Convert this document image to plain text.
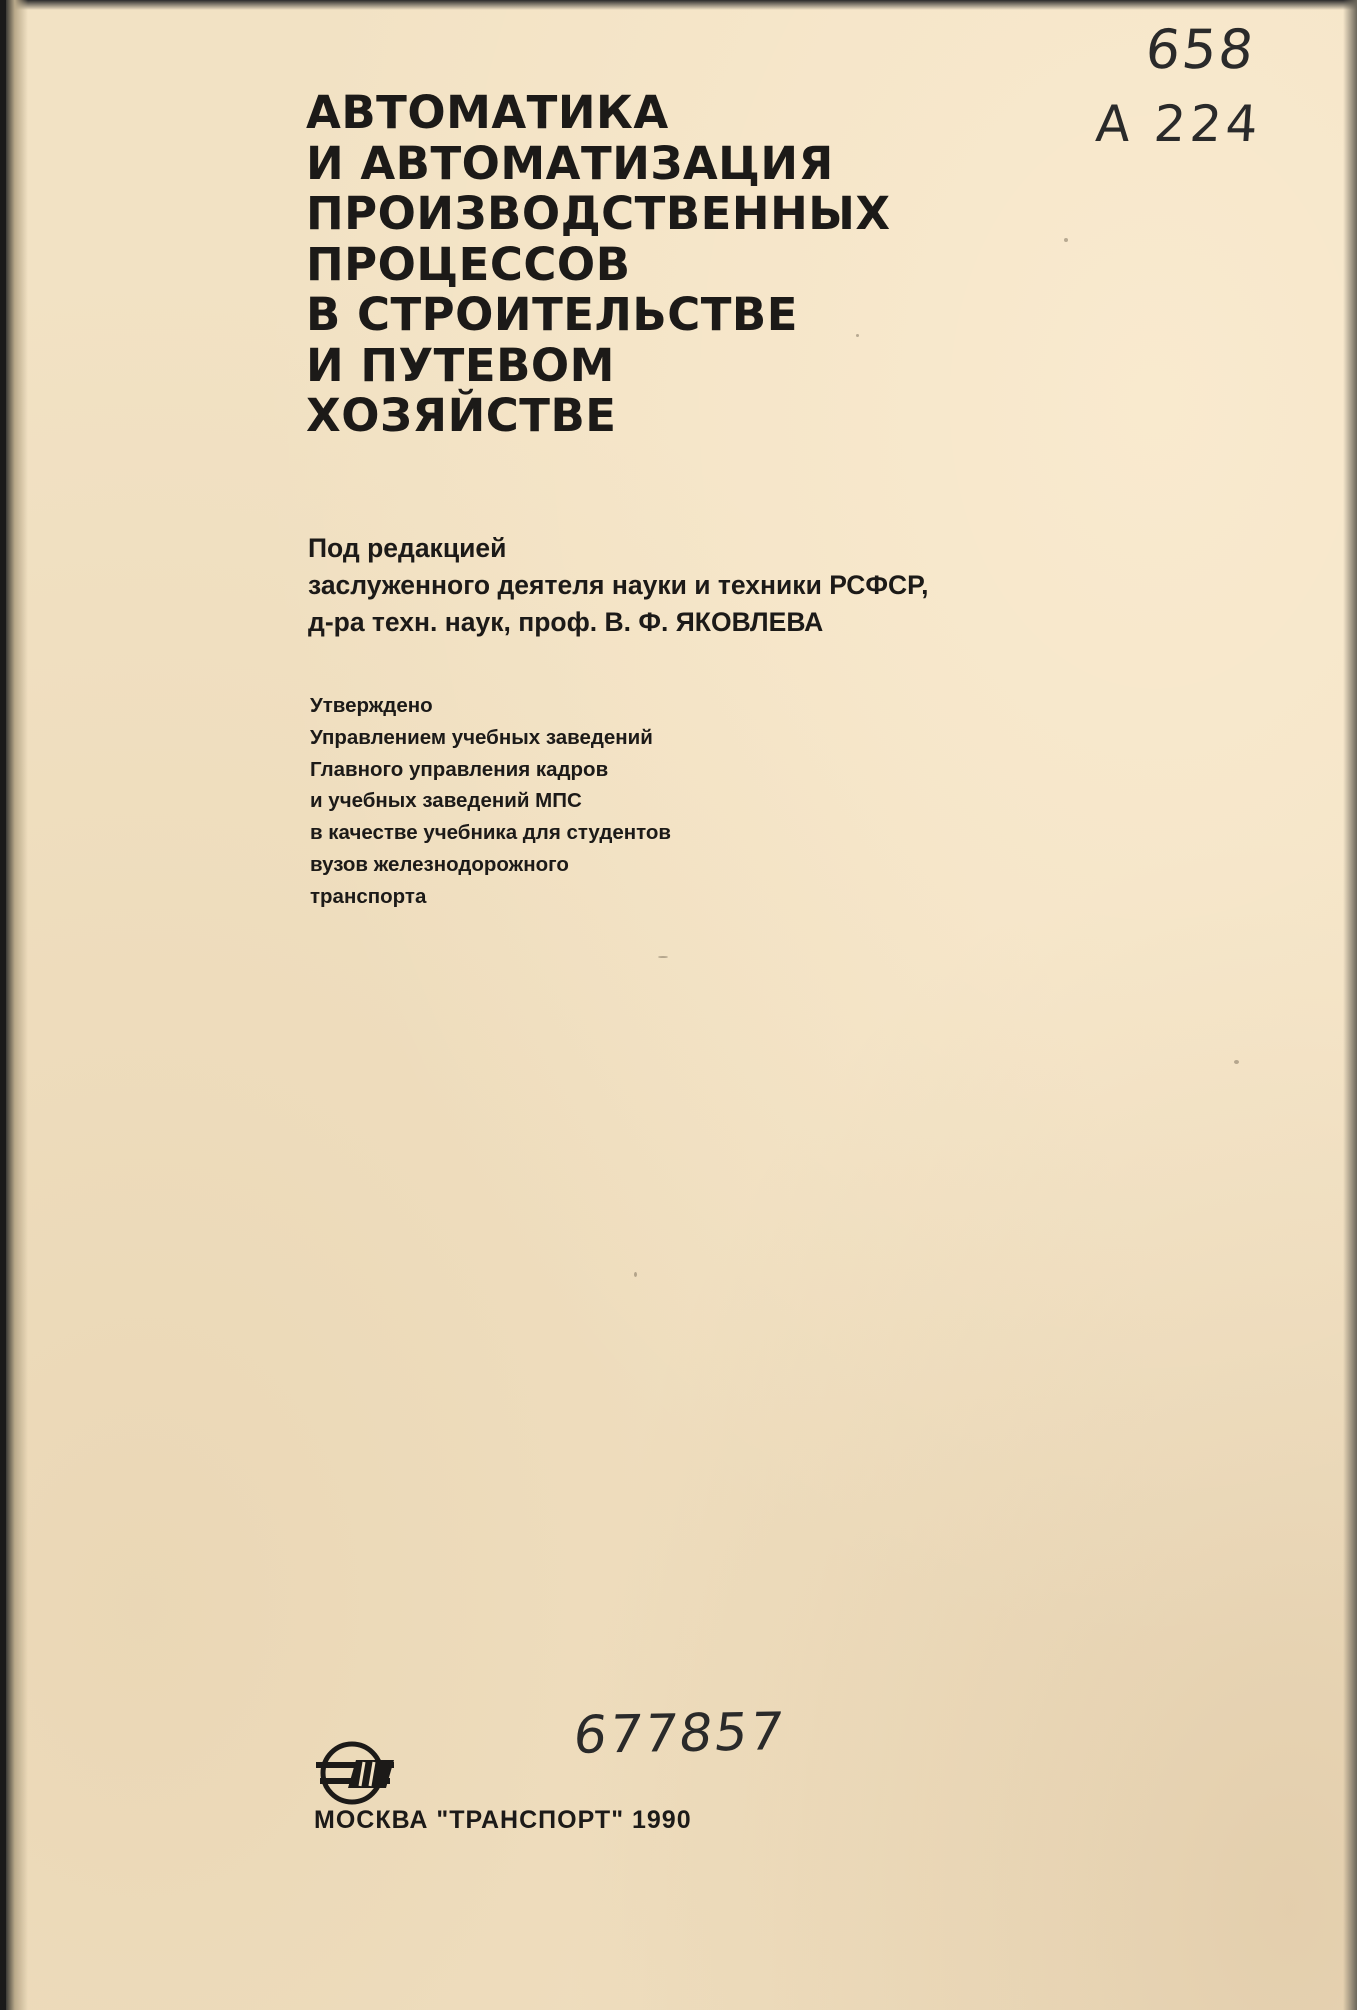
658
А 224
АВТОМАТИКА
И АВТОМАТИЗАЦИЯ
ПРОИЗВОДСТВЕННЫХ
ПРОЦЕССОВ
В СТРОИТЕЛЬСТВЕ
И ПУТЕВОМ
ХОЗЯЙСТВЕ
Под редакцией
заслуженного деятеля науки и техники РСФСР,
д-ра техн. наук, проф. В. Ф. ЯКОВЛЕВА
Утверждено
Управлением учебных заведений
Главного управления кадров
и учебных заведений МПС
в качестве учебника для студентов
вузов железнодорожного
транспорта
677857
МОСКВА "ТРАНСПОРТ" 1990
